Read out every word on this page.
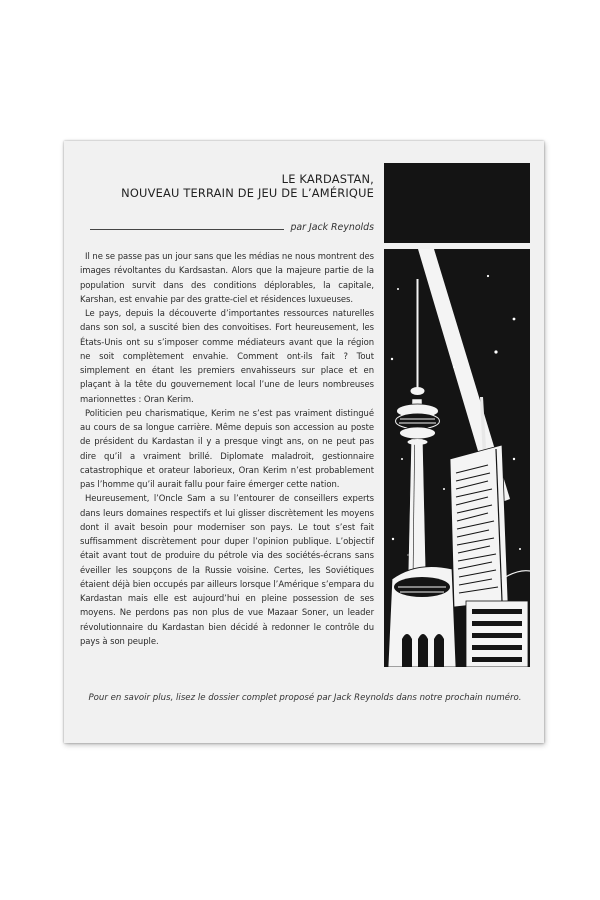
LE KARDASTAN,
NOUVEAU TERRAIN DE JEU DE L’AMÉRIQUE
par Jack Reynolds

Il ne se passe pas un jour sans que les médias ne nous montrent des images révoltantes du Kardsastan. Alors que la majeure partie de la population survit dans des conditions déplorables, la capitale, Karshan, est envahie par des gratte-ciel et résidences luxueuses.

Le pays, depuis la découverte d’importantes ressources naturelles dans son sol, a suscité bien des convoitises. Fort heureusement, les États-Unis ont su s’imposer comme médiateurs avant que la région ne soit complètement envahie. Comment ont-ils fait ? Tout simplement en étant les premiers envahisseurs sur place et en plaçant à la tête du gouvernement local l’une de leurs nombreuses marionnettes : Oran Kerim.

Politicien peu charismatique, Kerim ne s’est pas vraiment distingué au cours de sa longue carrière. Même depuis son accession au poste de président du Kardastan il y a presque vingt ans, on ne peut pas dire qu’il a vraiment brillé. Diplomate maladroit, gestionnaire catastrophique et orateur laborieux, Oran Kerim n’est probablement pas l’homme qu’il aurait fallu pour faire émerger cette nation.

Heureusement, l’Oncle Sam a su l’entourer de conseillers experts dans leurs domaines respectifs et lui glisser discrètement les moyens dont il avait besoin pour moderniser son pays. Le tout s’est fait suffisamment discrètement pour duper l’opinion publique. L’objectif était avant tout de produire du pétrole via des sociétés-écrans sans éveiller les soupçons de la Russie voisine. Certes, les Soviétiques étaient déjà bien occupés par ailleurs lorsque l’Amérique s’empara du Kardastan mais elle est aujourd’hui en pleine possession de ses moyens. Ne perdons pas non plus de vue Mazaar Soner, un leader révolutionnaire du Kardastan bien décidé à redonner le contrôle du pays à son peuple.

Pour en savoir plus, lisez le dossier complet proposé par Jack Reynolds dans notre prochain numéro.
